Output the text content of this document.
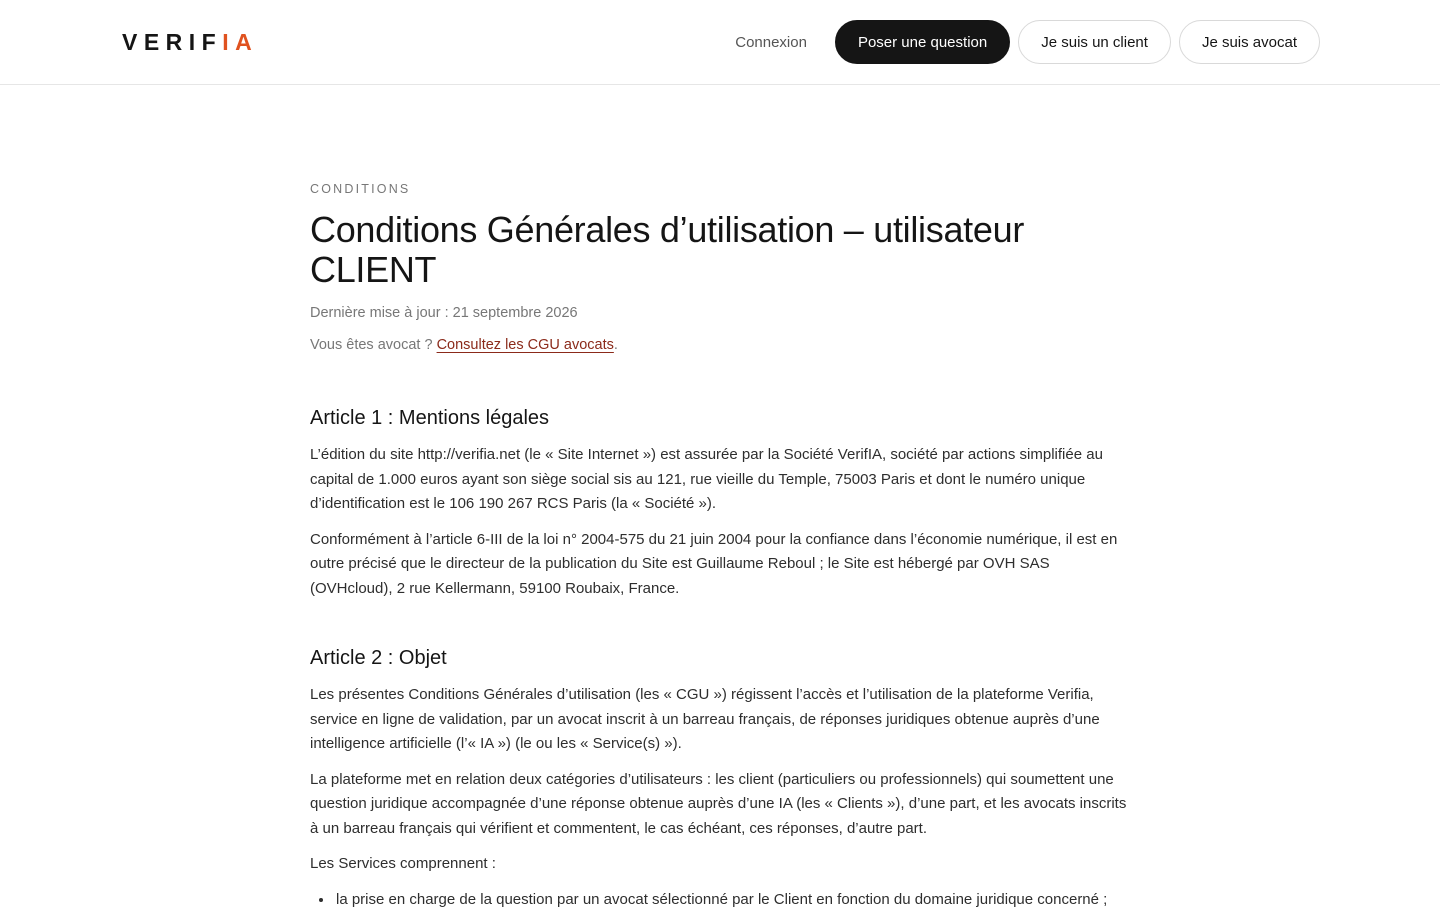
VERIFIA	Connexion	Poser une question	Je suis un client	Je suis avocat
CONDITIONS
Conditions Générales d’utilisation – utilisateur CLIENT
Dernière mise à jour : 21 septembre 2026
Vous êtes avocat ? Consultez les CGU avocats.
Article 1 : Mentions légales

L’édition du site http://verifia.net (le « Site Internet ») est assurée par la Société VerifIA, société par actions simplifiée au capital de 1.000 euros ayant son siège social sis au 121, rue vieille du Temple, 75003 Paris et dont le numéro unique d’identification est le 106 190 267 RCS Paris (la « Société »).

Conformément à l’article 6-III de la loi n° 2004-575 du 21 juin 2004 pour la confiance dans l’économie numérique, il est en outre précisé que le directeur de la publication du Site est Guillaume Reboul ; le Site est hébergé par OVH SAS (OVHcloud), 2 rue Kellermann, 59100 Roubaix, France.

Article 2 : Objet

Les présentes Conditions Générales d’utilisation (les « CGU ») régissent l’accès et l’utilisation de la plateforme Verifia, service en ligne de validation, par un avocat inscrit à un barreau français, de réponses juridiques obtenue auprès d’une intelligence artificielle (l’« IA ») (le ou les « Service(s) »).

La plateforme met en relation deux catégories d’utilisateurs : les client (particuliers ou professionnels) qui soumettent une question juridique accompagnée d’une réponse obtenue auprès d’une IA (les « Clients »), d’une part, et les avocats inscrits à un barreau français qui vérifient et commentent, le cas échéant, ces réponses, d’autre part.

Les Services comprennent :

• la prise en charge de la question par un avocat sélectionné par le Client en fonction du domaine juridique concerné ;
